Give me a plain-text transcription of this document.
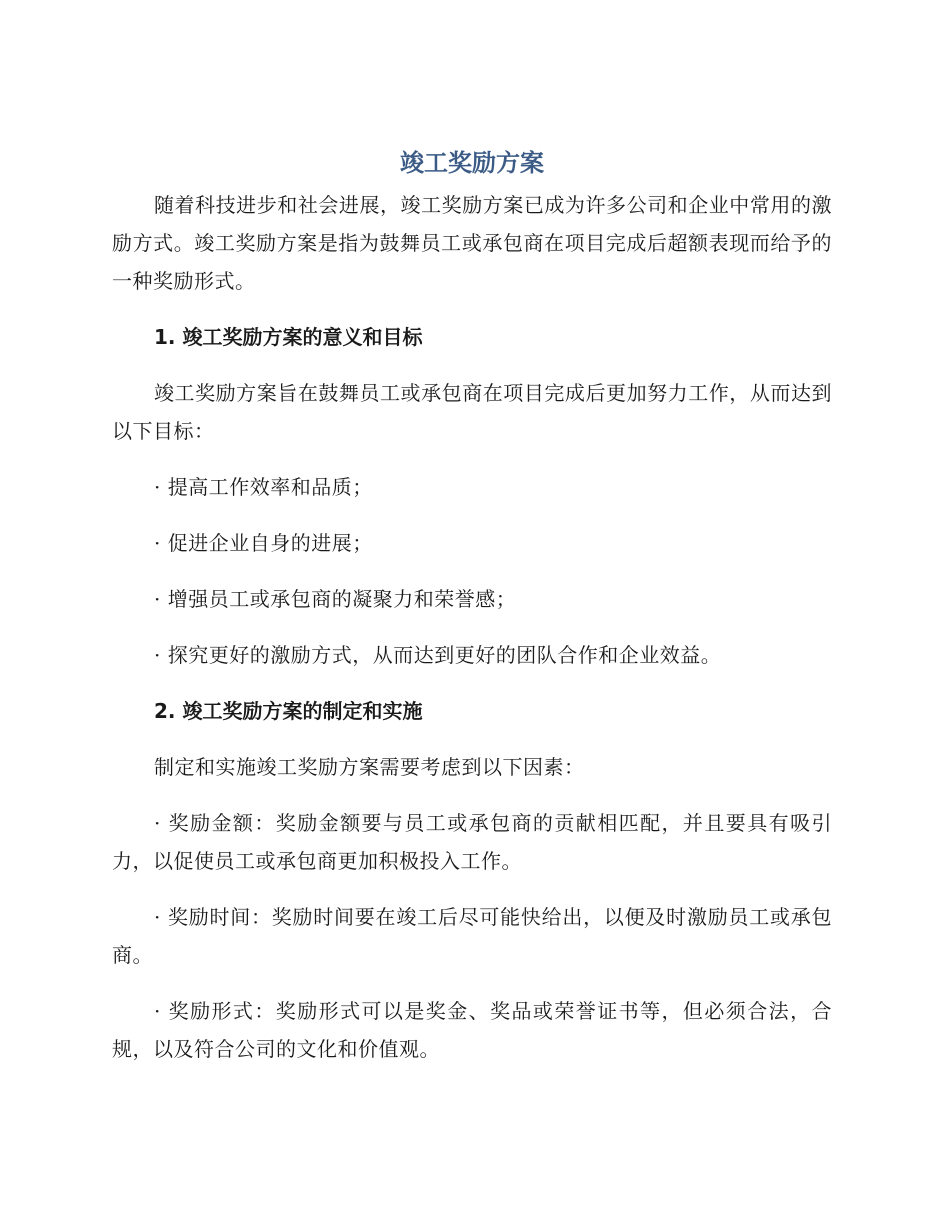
竣工奖励方案

随着科技进步和社会进展，竣工奖励方案已成为许多公司和企业中常用的激励方式。竣工奖励方案是指为鼓舞员工或承包商在项目完成后超额表现而给予的一种奖励形式。

1. 竣工奖励方案的意义和目标

竣工奖励方案旨在鼓舞员工或承包商在项目完成后更加努力工作，从而达到以下目标：

· 提高工作效率和品质；

· 促进企业自身的进展；

· 增强员工或承包商的凝聚力和荣誉感；

· 探究更好的激励方式，从而达到更好的团队合作和企业效益。

2. 竣工奖励方案的制定和实施

制定和实施竣工奖励方案需要考虑到以下因素：

· 奖励金额：奖励金额要与员工或承包商的贡献相匹配，并且要具有吸引力，以促使员工或承包商更加积极投入工作。

· 奖励时间：奖励时间要在竣工后尽可能快给出，以便及时激励员工或承包商。

· 奖励形式：奖励形式可以是奖金、奖品或荣誉证书等，但必须合法，合规，以及符合公司的文化和价值观。
